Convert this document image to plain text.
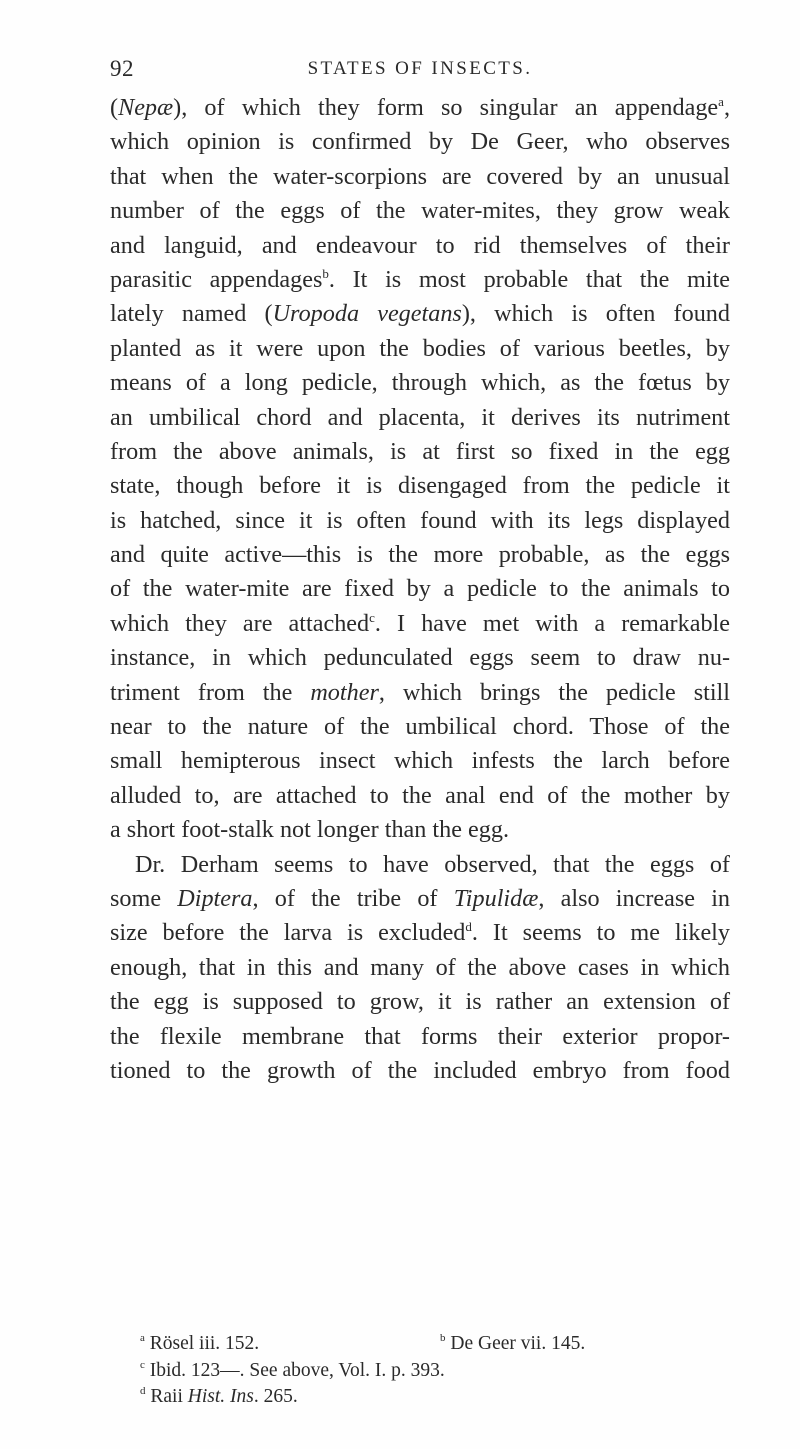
92	STATES OF INSECTS.
(Nepæ), of which they form so singular an appendage$^a$,
which opinion is confirmed by De Geer, who observes
that when the water-scorpions are covered by an unusual
number of the eggs of the water-mites, they grow weak
and languid, and endeavour to rid themselves of their
parasitic appendages$^b$. It is most probable that the mite
lately named (Uropoda vegetans), which is often found
planted as it were upon the bodies of various beetles, by
means of a long pedicle, through which, as the fœtus by
an umbilical chord and placenta, it derives its nutriment
from the above animals, is at first so fixed in the egg
state, though before it is disengaged from the pedicle it
is hatched, since it is often found with its legs displayed
and quite active—this is the more probable, as the eggs
of the water-mite are fixed by a pedicle to the animals to
which they are attached$^c$. I have met with a remarkable
instance, in which pedunculated eggs seem to draw nu-
triment from the mother, which brings the pedicle still
near to the nature of the umbilical chord. Those of the
small hemipterous insect which infests the larch before
alluded to, are attached to the anal end of the mother by
a short foot-stalk not longer than the egg.
Dr. Derham seems to have observed, that the eggs of
some Diptera, of the tribe of Tipulidæ, also increase in
size before the larva is excluded$^d$. It seems to me likely
enough, that in this and many of the above cases in which
the egg is supposed to grow, it is rather an extension of
the flexile membrane that forms their exterior propor-
tioned to the growth of the included embryo from food
$^a$ Rösel iii. 152.	$^b$ De Geer vii. 145.
$^c$ Ibid. 123—. See above, Vol. I. p. 393.
$^d$ Raii Hist. Ins. 265.
